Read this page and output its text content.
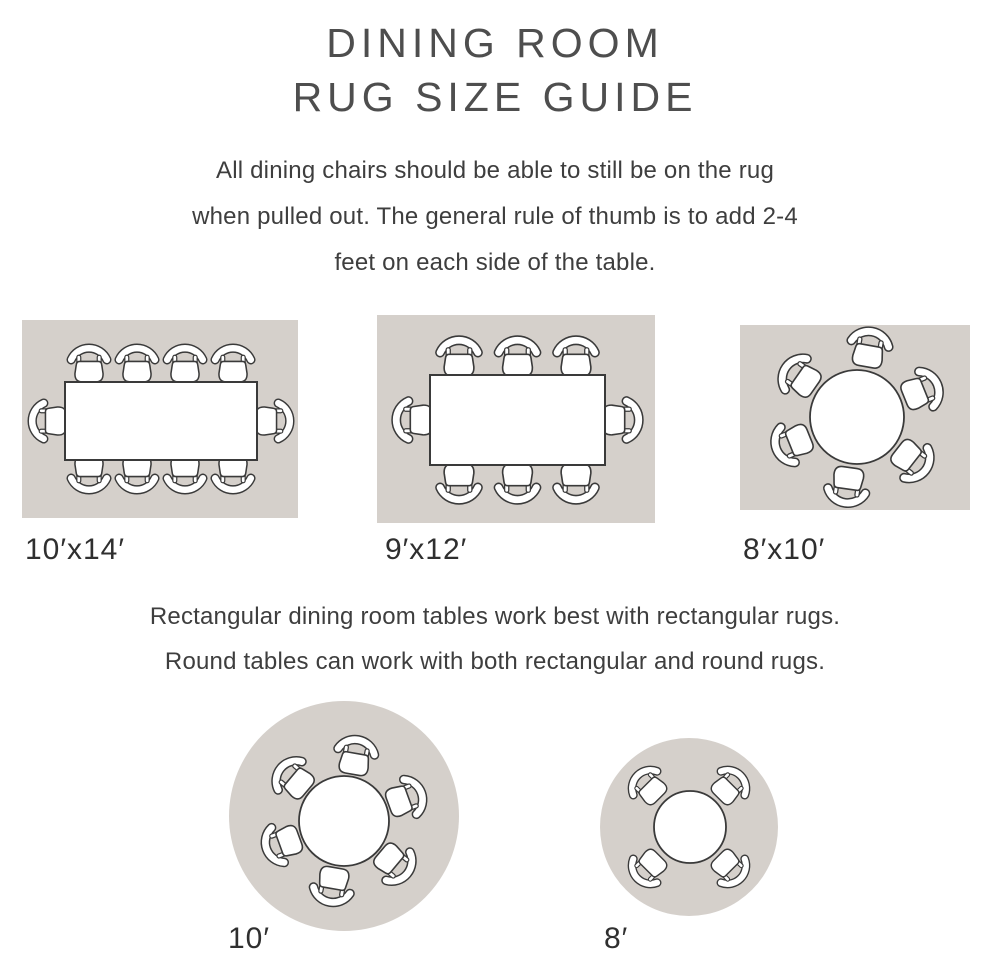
DINING ROOM
RUG SIZE GUIDE
All dining chairs should be able to still be on the rug
when pulled out. The general rule of thumb is to add 2-4
feet on each side of the table.
10′x14′	9′x12′	8′x10′
10′	8′
Rectangular dining room tables work best with rectangular rugs.
Round tables can work with both rectangular and round rugs.
